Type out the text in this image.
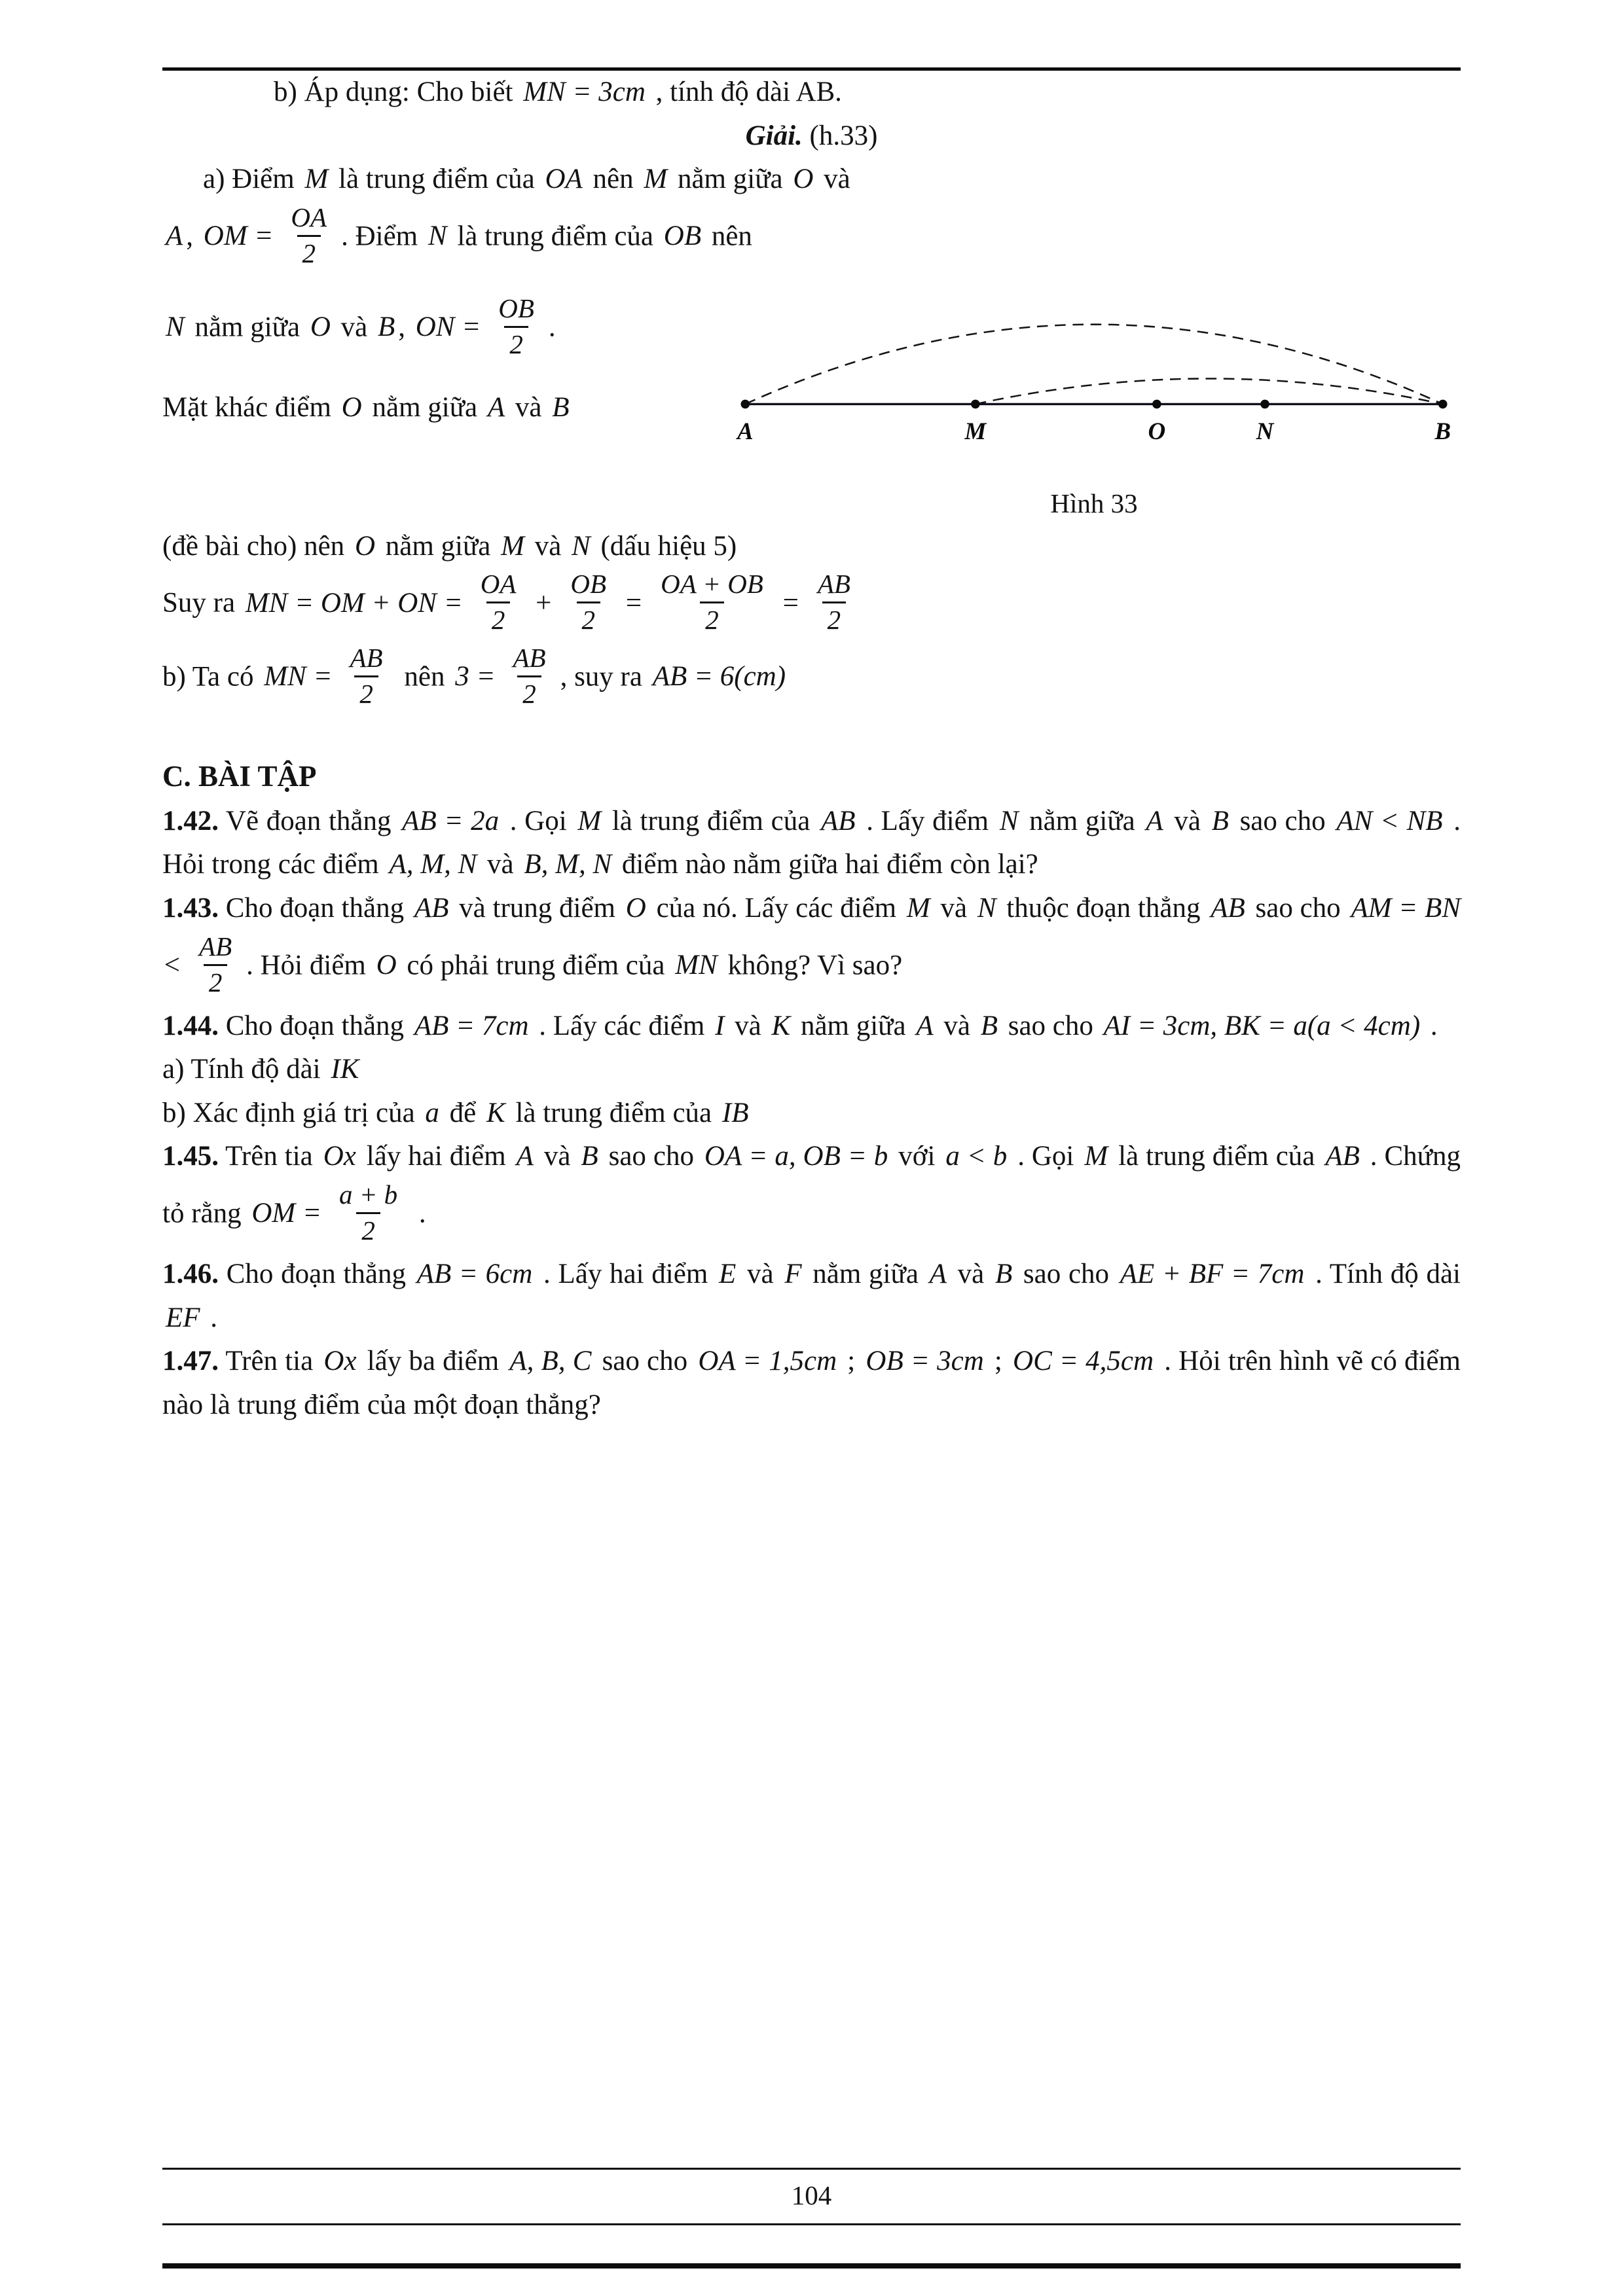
b) Áp dụng: Cho biết MN = 3cm , tính độ dài AB.

Giải. (h.33)

a) Điểm M là trung điểm của OA nên M nằm giữa O và

A , OM = $\frac{OA}{2}$ . Điểm N là trung điểm của OB nên

N nằm giữa O và B , ON = $\frac{OB}{2}$ .

Mặt khác điểm O nằm giữa A và B

A	M	O	N	B
Hình 33

(đề bài cho) nên O nằm giữa M và N (dấu hiệu 5)

Suy ra MN = OM + ON = $\frac{OA}{2} + \frac{OB}{2} = \frac{OA + OB}{2} = \frac{AB}{2}$

b) Ta có MN = $\frac{AB}{2}$ nên $3 = \frac{AB}{2}$ , suy ra AB = 6(cm)

C. BÀI TẬP

1.42. Vẽ đoạn thẳng AB = 2a . Gọi M là trung điểm của AB . Lấy điểm N nằm giữa A và B sao cho AN < NB . Hỏi trong các điểm A, M, N và B, M, N điểm nào nằm giữa hai điểm còn lại?

1.43. Cho đoạn thẳng AB và trung điểm O của nó. Lấy các điểm M và N thuộc đoạn thẳng AB sao cho AM = BN < $\frac{AB}{2}$ . Hỏi điểm O có phải trung điểm của MN không? Vì sao?

1.44. Cho đoạn thẳng AB = 7cm . Lấy các điểm I và K nằm giữa A và B sao cho AI = 3cm, BK = a(a < 4cm) .

a) Tính độ dài IK

b) Xác định giá trị của a để K là trung điểm của IB

1.45. Trên tia Ox lấy hai điểm A và B sao cho OA = a, OB = b với a < b . Gọi M là trung điểm của AB . Chứng tỏ rằng OM = $\frac{a + b}{2}$ .

1.46. Cho đoạn thẳng AB = 6cm . Lấy hai điểm E và F nằm giữa A và B sao cho AE + BF = 7cm . Tính độ dài EF .

1.47. Trên tia Ox lấy ba điểm A, B, C sao cho OA = 1,5cm ; OB = 3cm ; OC = 4,5cm . Hỏi trên hình vẽ có điểm nào là trung điểm của một đoạn thẳng?

104
